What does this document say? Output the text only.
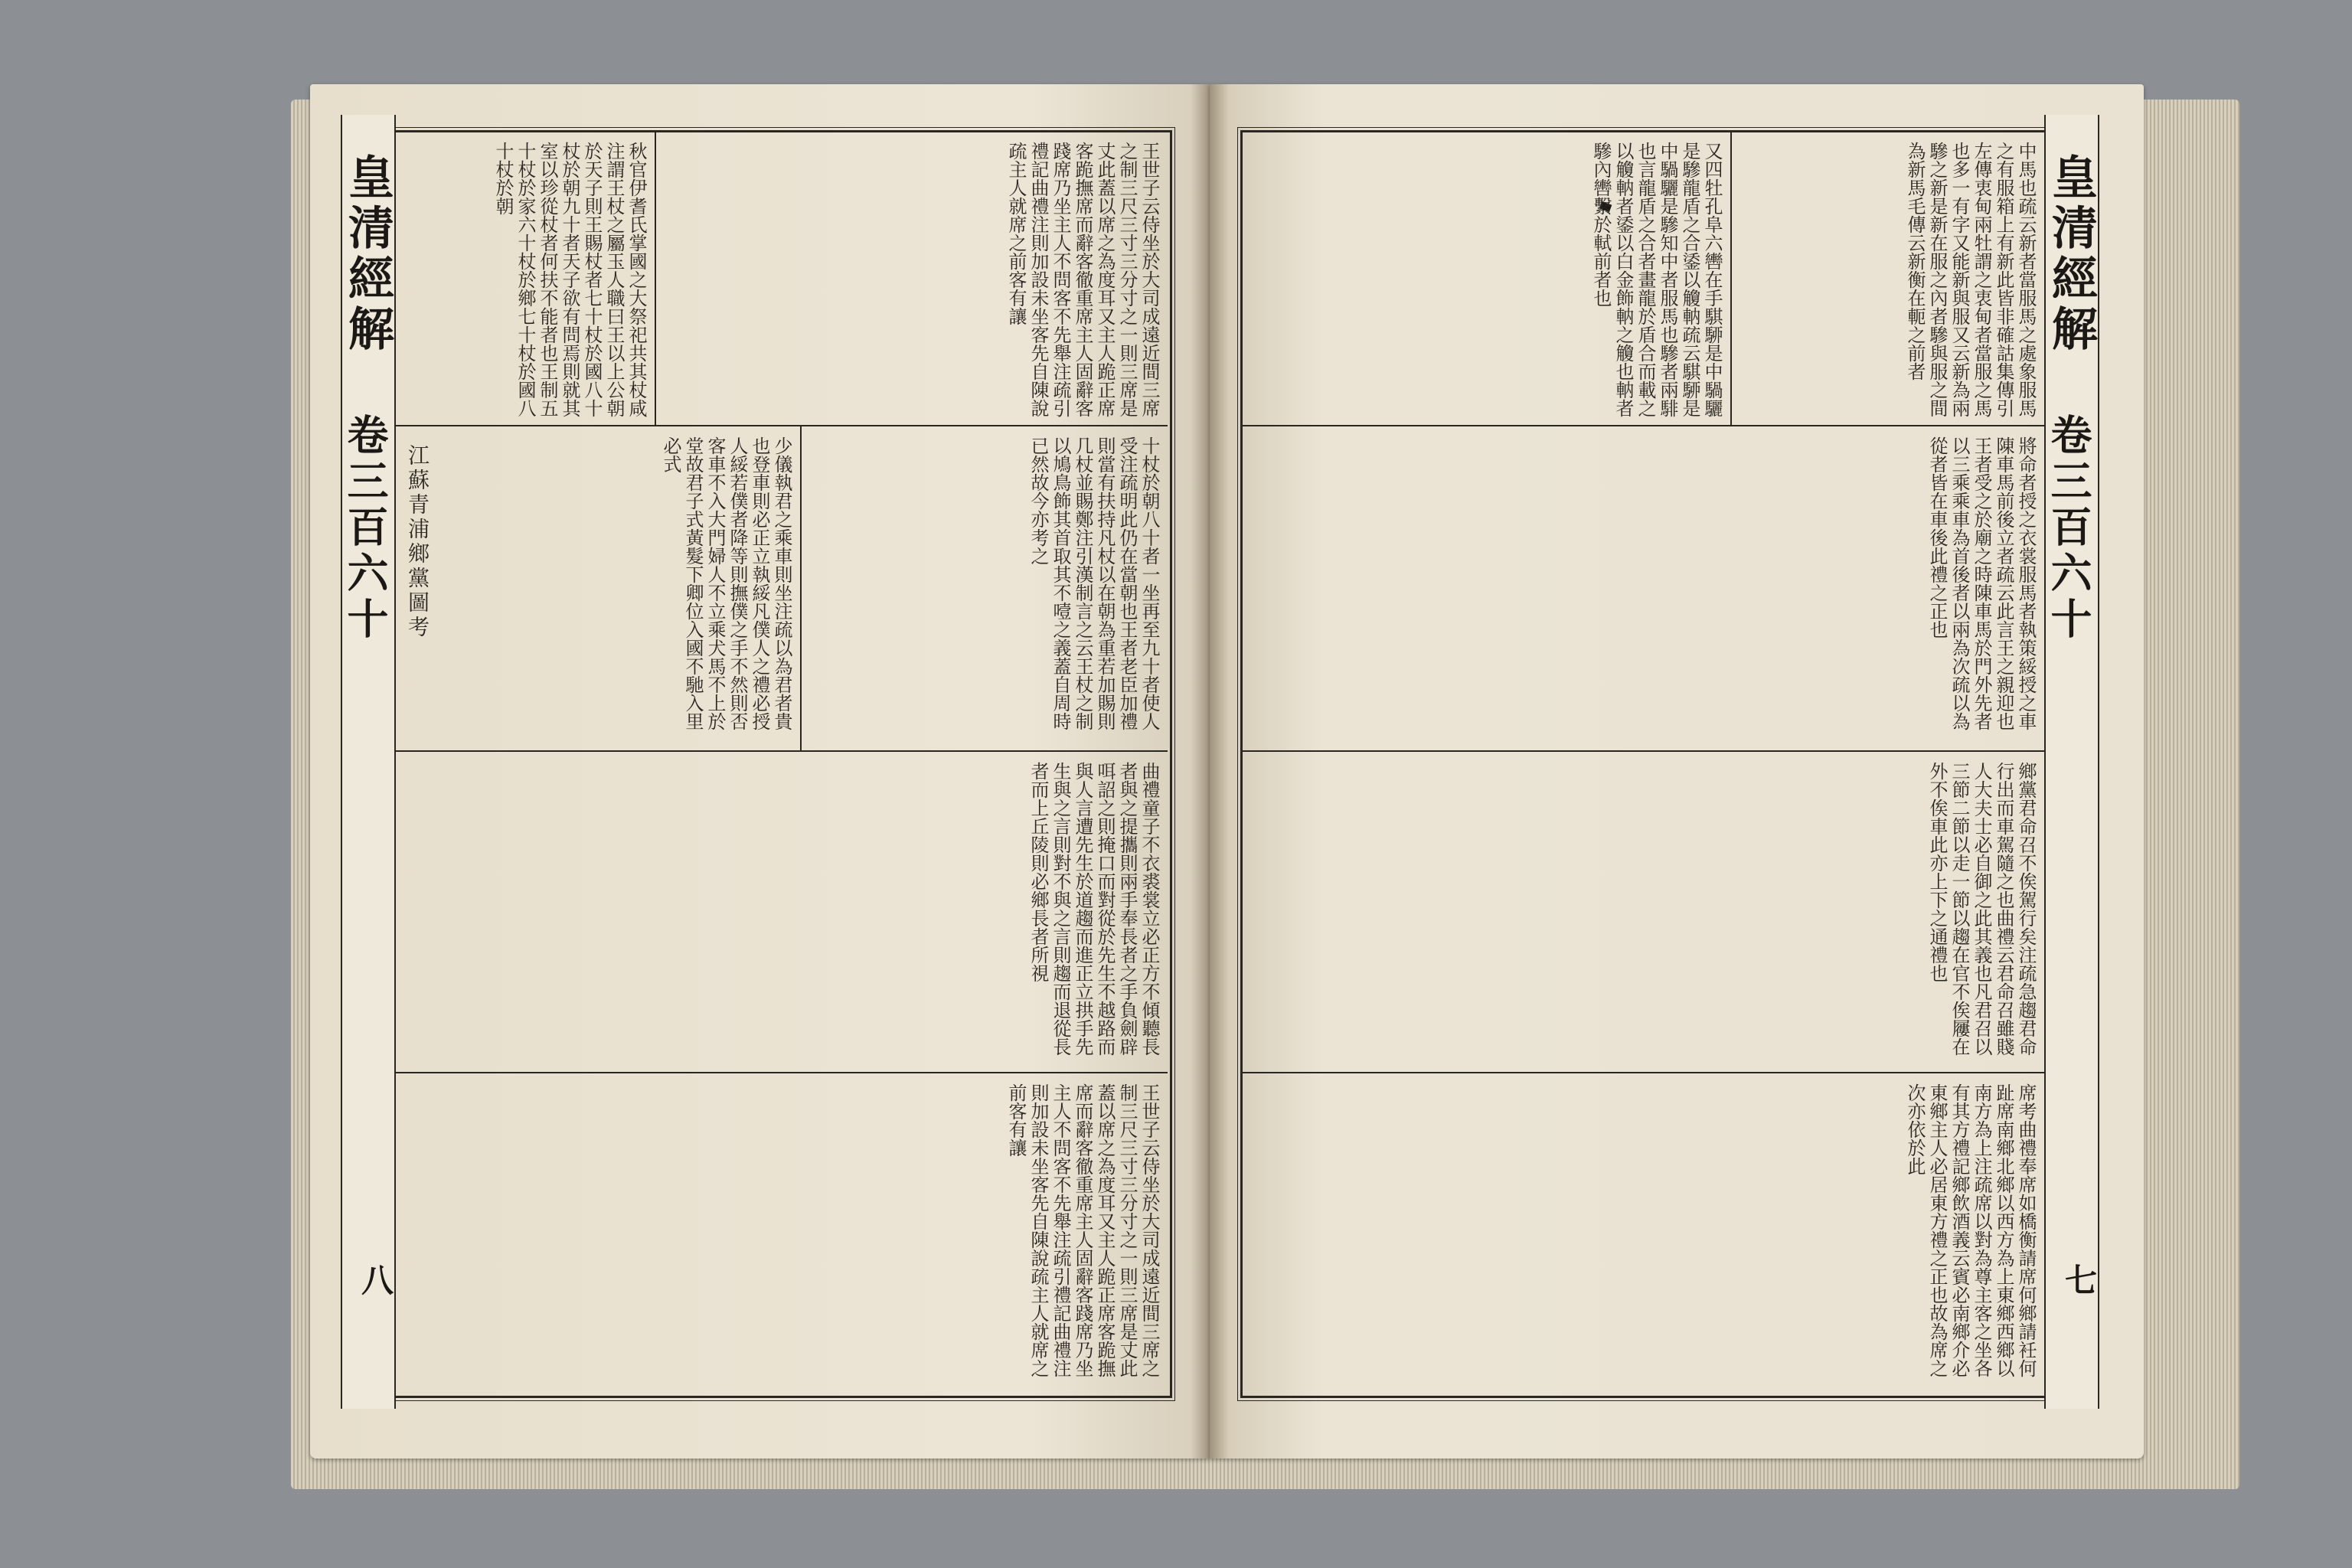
皇清經解
卷三百六十
八
江蘇青浦鄉黨圖考
王世子云侍坐於大司成遠近間三席之制三尺三寸三分寸之一則三席是丈此蓋以席之為度耳又主人跪正席客跪撫席而辭客徹重席主人固辭客踐席乃坐主人不問客不先舉注疏引禮記曲禮注則加設未坐客先自陳說疏主人就席之前客有讓
秋官伊耆氏掌國之大祭祀共其杖咸注謂王杖之屬玉人職曰王以上公朝於天子則王賜杖者七十杖於國八十杖於朝九十者天子欲有問焉則就其室以珍從杖者何扶不能者也王制五十杖於家六十杖於鄉七十杖於國八十杖於朝
十杖於朝八十者一坐再至九十者使人受注疏明此仍在當朝也王者老臣加禮則當有扶持凡杖以在朝為重若加賜則几杖並賜鄭注引漢制言之云王杖之制以鳩鳥飾其首取其不噎之義蓋自周時已然故今亦考之
少儀執君之乘車則坐注疏以為君者貴也登車則必正立執綏凡僕人之禮必授人綏若僕者降等則撫僕之手不然則否客車不入大門婦人不立乘犬馬不上於堂故君子式黃髮下卿位入國不馳入里必式
曲禮童子不衣裘裳立必正方不傾聽長者與之提攜則兩手奉長者之手負劍辟咡詔之則掩口而對從於先生不越路而與人言遭先生於道趨而進正立拱手先生與之言則對不與之言則趨而退從長者而上丘陵則必鄉長者所視
王世子云侍坐於大司成遠近間三席之制三尺三寸三分寸之一則三席是丈此蓋以席之為度耳又主人跪正席客跪撫席而辭客徹重席主人固辭客踐席乃坐主人不問客不先舉注疏引禮記曲禮注則加設未坐客先自陳說疏主人就席之前客有讓
皇清經解
卷三百六十
七
中馬也疏云新者當服馬之處象服馬之有服箱上有新此皆非確詁集傳引左傳衷甸兩牡謂之衷甸者當服之馬也多一有字又能新與服又云新為兩驂之新是新在服之內者驂與服之間為新馬毛傳云新衡在軛之前者
又四牡孔阜六轡在手騏駵是中騧驪是驂龍盾之合鋈以觼軜疏云騏駵是中騧驪是驂知中者服馬也驂者兩騑也言龍盾之合者畫龍於盾合而載之以觼軜者鋈以白金飾軜之觼也軜者驂內轡繫於軾前者也
將命者授之衣裳服馬者執策綏授之車陳車馬前後立者疏云此言王之親迎也王者受之於廟之時陳車馬於門外先者以三乘乘車為首後者以兩為次疏以為從者皆在車後此禮之正也
鄉黨君命召不俟駕行矣注疏急趨君命行出而車駕隨之也曲禮云君命召雖賤人大夫士必自御之此其義也凡君召以三節二節以走一節以趨在官不俟屨在外不俟車此亦上下之通禮也
席考曲禮奉席如橋衡請席何鄉請衽何趾席南鄉北鄉以西方為上東鄉西鄉以南方為上注疏席以對為尊主客之坐各有其方禮記鄉飲酒義云賓必南鄉介必東鄉主人必居東方禮之正也故為席之次亦依於此
